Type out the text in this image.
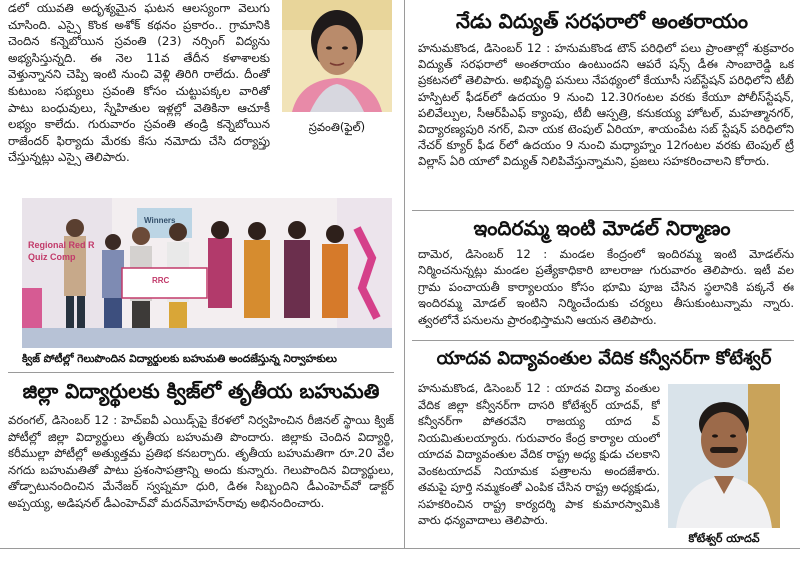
డలో యువతి అదృశ్యమైన ఘటన ఆలస్యంగా వెలుగు చూసింది. ఎస్సై కొంక అశోక్ కథనం ప్రకారం.. గ్రామానికి చెందిన కన్నెబోయిన స్రవంతి (23) నర్సింగ్ విద్యను అభ్యసిస్తున్నది. ఈ నెల 11వ తేదీన కళాశాలకు వెళ్తున్నానని చెప్పి ఇంటి నుంచి వెళ్లి తిరిగి రాలేదు. దీంతో కుటుంబ సభ్యులు స్రవంతి కోసం చుట్టుపక్కల వారితో పాటు బంధువులు, స్నేహితుల ఇళ్లల్లో వెతికినా ఆచూకీ లభ్యం కాలేదు. గురువారం స్రవంతి తండ్రి కన్నెబోయిన రాజేందర్ ఫిర్యాదు మేరకు కేసు నమోదు చేసి దర్యాప్తు చేస్తున్నట్లు ఎస్సై తెలిపారు.

స్రవంతి(ఫైల్)
Regional Red R
Quiz Comp
Winners
RRC
క్విజ్ పోటీల్లో గెలుపొందిన విద్యార్థులకు బహుమతి అందజేస్తున్న నిర్వాహకులు
జిల్లా విద్యార్థులకు క్విజ్‌లో తృతీయ బహుమతి

వరంగల్, డిసెంబర్ 12 : హెచ్ఐవీ ఎయిడ్స్‌పై కేరళలో నిర్వహించిన రీజినల్ స్థాయి క్విజ్ పోటీల్లో జిల్లా విద్యార్థులు తృతీయ బహుమతి పొందారు. జిల్లాకు చెందిన విద్యార్థి, కరీముల్లా పోటీల్లో అత్యుత్తమ ప్రతిభ కనబర్చారు. తృతీయ బహుమతిగా రూ.20 వేల నగదు బహుమతితో పాటు ప్రశంసాపత్రాన్ని అందు కున్నారు. గెలుపొందిన విద్యార్థులు, తోడ్పాటునందించిన మేనేజర్ స్వప్నమా ధురి, డిఈ సిబ్బందిని డీఎంహెచ్‌వో డాక్టర్ అప్పయ్య, అడిషనల్ డీఎంహెచ్‌వో మదన్‌మోహన్‌రావు అభినందించారు.

నేడు విద్యుత్ సరఫరాలో అంతరాయం

హనుమకొండ, డిసెంబర్ 12 : హనుమకొండ టౌన్ పరిధిలో పలు ప్రాంతాల్లో శుక్రవారం విద్యుత్ సరఫరాలో అంతరాయం ఉంటుందని ఆపరే షన్స్ డీఈ సాంబారెడ్డి ఒక ప్రకటనలో తెలిపారు. అభివృద్ధి పనులు నేపథ్యంలో కేయూసీ సబ్‌స్టేషన్ పరిధిలోని టీబీ హస్పిటల్ ఫీడర్‌లో ఉదయం 9 నుంచి 12.30గంటల వరకు కేయూ పోలీస్‌స్టేషన్, పలివేల్పుల, సీఆర్‌పీఎఫ్ క్యాంపు, టీబీ ఆస్పత్రి, కనుకయ్య హోటల్, మహత్మానగర్, విద్యారణ్యపురి నగర్, వినా యక టెంపుల్ ఏరియా, శాయంపేట సబ్ స్టేషన్ పరిధిలోని నేచర్ క్యూర్ ఫీడ ర్‌లో ఉదయం 9 నుంచి మధ్యాహ్నం 12గంటల వరకు టెంపుల్ ట్రీ విల్లాస్ ఏరి యాలో విద్యుత్ నిలిపివేస్తున్నామని, ప్రజలు సహకరించాలని కోరారు.

ఇందిరమ్మ ఇంటి మోడల్ నిర్మాణం

దామెర, డిసెంబర్ 12 : మండల కేంద్రంలో ఇందిరమ్మ ఇంటి మోడల్‌ను నిర్మించనున్నట్లు మండల ప్రత్యేకాధికారి బాలరాజు గురువారం తెలిపారు. ఇటీ వల గ్రామ పంచాయతీ కార్యాలయం కోసం భూమి పూజ చేసిన స్థలానికి పక్కనే ఈ ఇందిరమ్మ మోడల్ ఇంటిని నిర్మించేందుకు చర్యలు తీసుకుంటున్నామ న్నారు. త్వరలోనే పనులను ప్రారంభిస్తామని ఆయన తెలిపారు.

యాదవ విద్యావంతుల వేదిక కన్వీనర్‌గా కోటేశ్వర్

హనుమకొండ, డిసెంబర్ 12 : యాదవ విద్యా వంతుల వేదిక జిల్లా కన్వీనర్‌గా దాసరి కోటేశ్వర్ యాదవ్, కో కన్వీనర్‌గా పోతరవేని రాజయ్య యాద వ్ నియమితులయ్యారు. గురువారం కేంద్ర కార్యాల యంలో యాదవ విద్యావంతుల వేదిక రాష్ట్ర అధ్య క్షుడు చలకాని వెంకటయాదవ్ నియామక పత్రాలను అందజేశారు. తమపై పూర్తి నమ్మకంతో ఎంపిక చేసిన రాష్ట్ర అధ్యక్షుడు, సహకరించిన రాష్ట్ర కార్యదర్శి పాక కుమారస్వామికి వారు ధన్యవాదాలు తెలిపారు.

కోటేశ్వర్ యాదవ్
